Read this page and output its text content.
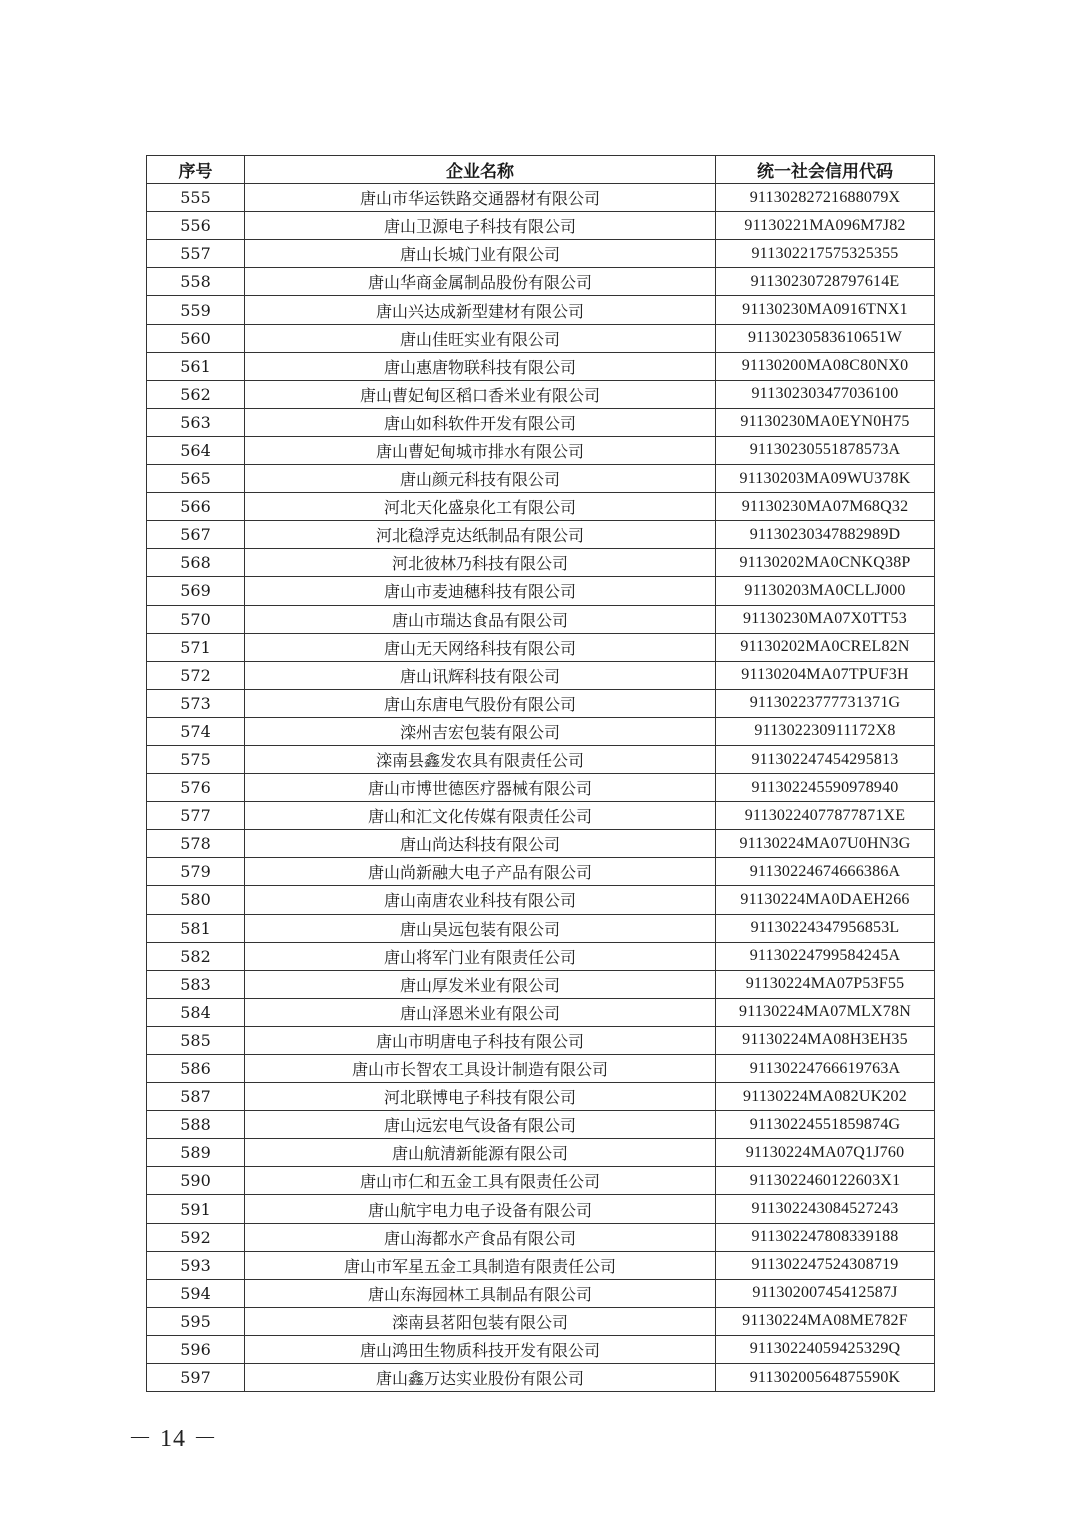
序号	企业名称	统一社会信用代码
555	唐山市华运铁路交通器材有限公司	91130282721688079X
556	唐山卫源电子科技有限公司	91130221MA096M7J82
557	唐山长城门业有限公司	911302217575325355
558	唐山华商金属制品股份有限公司	91130230728797614E
559	唐山兴达成新型建材有限公司	91130230MA0916TNX1
560	唐山佳旺实业有限公司	91130230583610651W
561	唐山惠唐物联科技有限公司	91130200MA08C80NX0
562	唐山曹妃甸区稻口香米业有限公司	911302303477036100
563	唐山如科软件开发有限公司	91130230MA0EYN0H75
564	唐山曹妃甸城市排水有限公司	91130230551878573A
565	唐山颜元科技有限公司	91130203MA09WU378K
566	河北天化盛泉化工有限公司	91130230MA07M68Q32
567	河北稳浮克达纸制品有限公司	91130230347882989D
568	河北彼林乃科技有限公司	91130202MA0CNKQ38P
569	唐山市麦迪穗科技有限公司	91130203MA0CLLJ000
570	唐山市瑞达食品有限公司	91130230MA07X0TT53
571	唐山无天网络科技有限公司	91130202MA0CREL82N
572	唐山讯辉科技有限公司	91130204MA07TPUF3H
573	唐山东唐电气股份有限公司	91130223777731371G
574	滦州吉宏包装有限公司	911302230911172X8
575	滦南县鑫发农具有限责任公司	911302247454295813
576	唐山市博世德医疗器械有限公司	911302245590978940
577	唐山和汇文化传媒有限责任公司	91130224077877871XE
578	唐山尚达科技有限公司	91130224MA07U0HN3G
579	唐山尚新融大电子产品有限公司	91130224674666386A
580	唐山南唐农业科技有限公司	91130224MA0DAEH266
581	唐山昊远包装有限公司	91130224347956853L
582	唐山将军门业有限责任公司	91130224799584245A
583	唐山厚发米业有限公司	91130224MA07P53F55
584	唐山泽恩米业有限公司	91130224MA07MLX78N
585	唐山市明唐电子科技有限公司	91130224MA08H3EH35
586	唐山市长智农工具设计制造有限公司	91130224766619763A
587	河北联博电子科技有限公司	91130224MA082UK202
588	唐山远宏电气设备有限公司	91130224551859874G
589	唐山航清新能源有限公司	91130224MA07Q1J760
590	唐山市仁和五金工具有限责任公司	9113022460122603X1
591	唐山航宇电力电子设备有限公司	911302243084527243
592	唐山海都水产食品有限公司	911302247808339188
593	唐山市军星五金工具制造有限责任公司	911302247524308719
594	唐山东海园林工具制品有限公司	91130200745412587J
595	滦南县茗阳包装有限公司	91130224MA08ME782F
596	唐山鸿田生物质科技开发有限公司	91130224059425329Q
597	唐山鑫万达实业股份有限公司	91130200564875590K
－ 14 －
